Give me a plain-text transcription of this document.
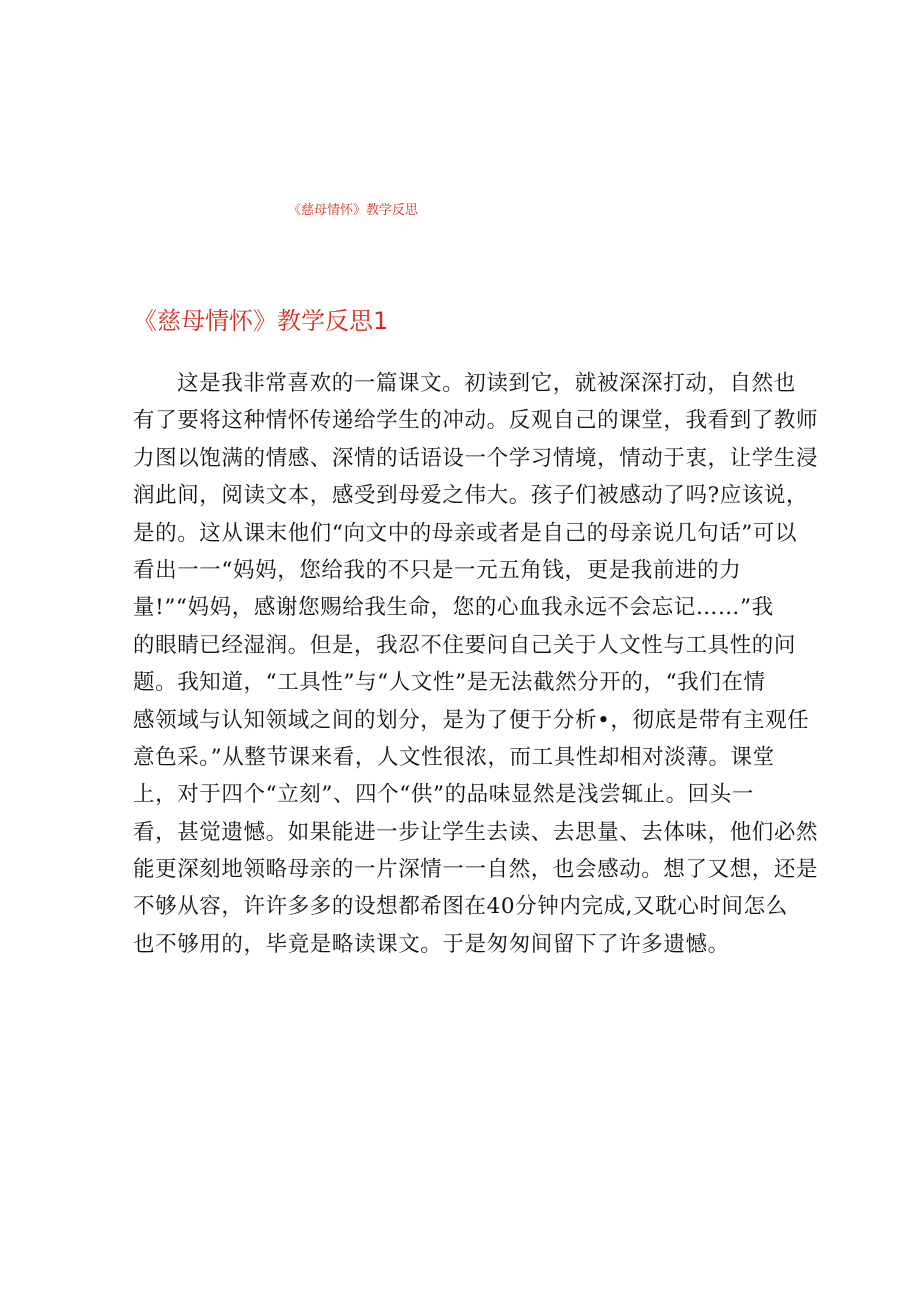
《慈母情怀》教学反思
《慈母情怀》教学反思1
这是我非常喜欢的一篇课文。初读到它，就被深深打动，自然也
有了要将这种情怀传递给学生的冲动。反观自己的课堂，我看到了教师
力图以饱满的情感、深情的话语设一个学习情境，情动于衷，让学生浸
润此间，阅读文本，感受到母爱之伟大。孩子们被感动了吗?应该说，
是的。这从课末他们“向文中的母亲或者是自己的母亲说几句话”可以
看出一一“妈妈，您给我的不只是一元五角钱，更是我前进的力
量!”“妈妈，感谢您赐给我生命，您的心血我永远不会忘记……”我
的眼睛已经湿润。但是，我忍不住要问自己关于人文性与工具性的问
题。我知道，“工具性”与“人文性”是无法截然分开的，“我们在情
感领域与认知领域之间的划分，是为了便于分析•，彻底是带有主观任
意色采。”从整节课来看，人文性很浓，而工具性却相对淡薄。课堂
上，对于四个“立刻”、四个“供”的品味显然是浅尝辄止。回头一
看，甚觉遗憾。如果能进一步让学生去读、去思量、去体味，他们必然
能更深刻地领略母亲的一片深情一一自然，也会感动。想了又想，还是
不够从容，许许多多的设想都希图在40分钟内完成,又耽心时间怎么
也不够用的，毕竟是略读课文。于是匆匆间留下了许多遗憾。
